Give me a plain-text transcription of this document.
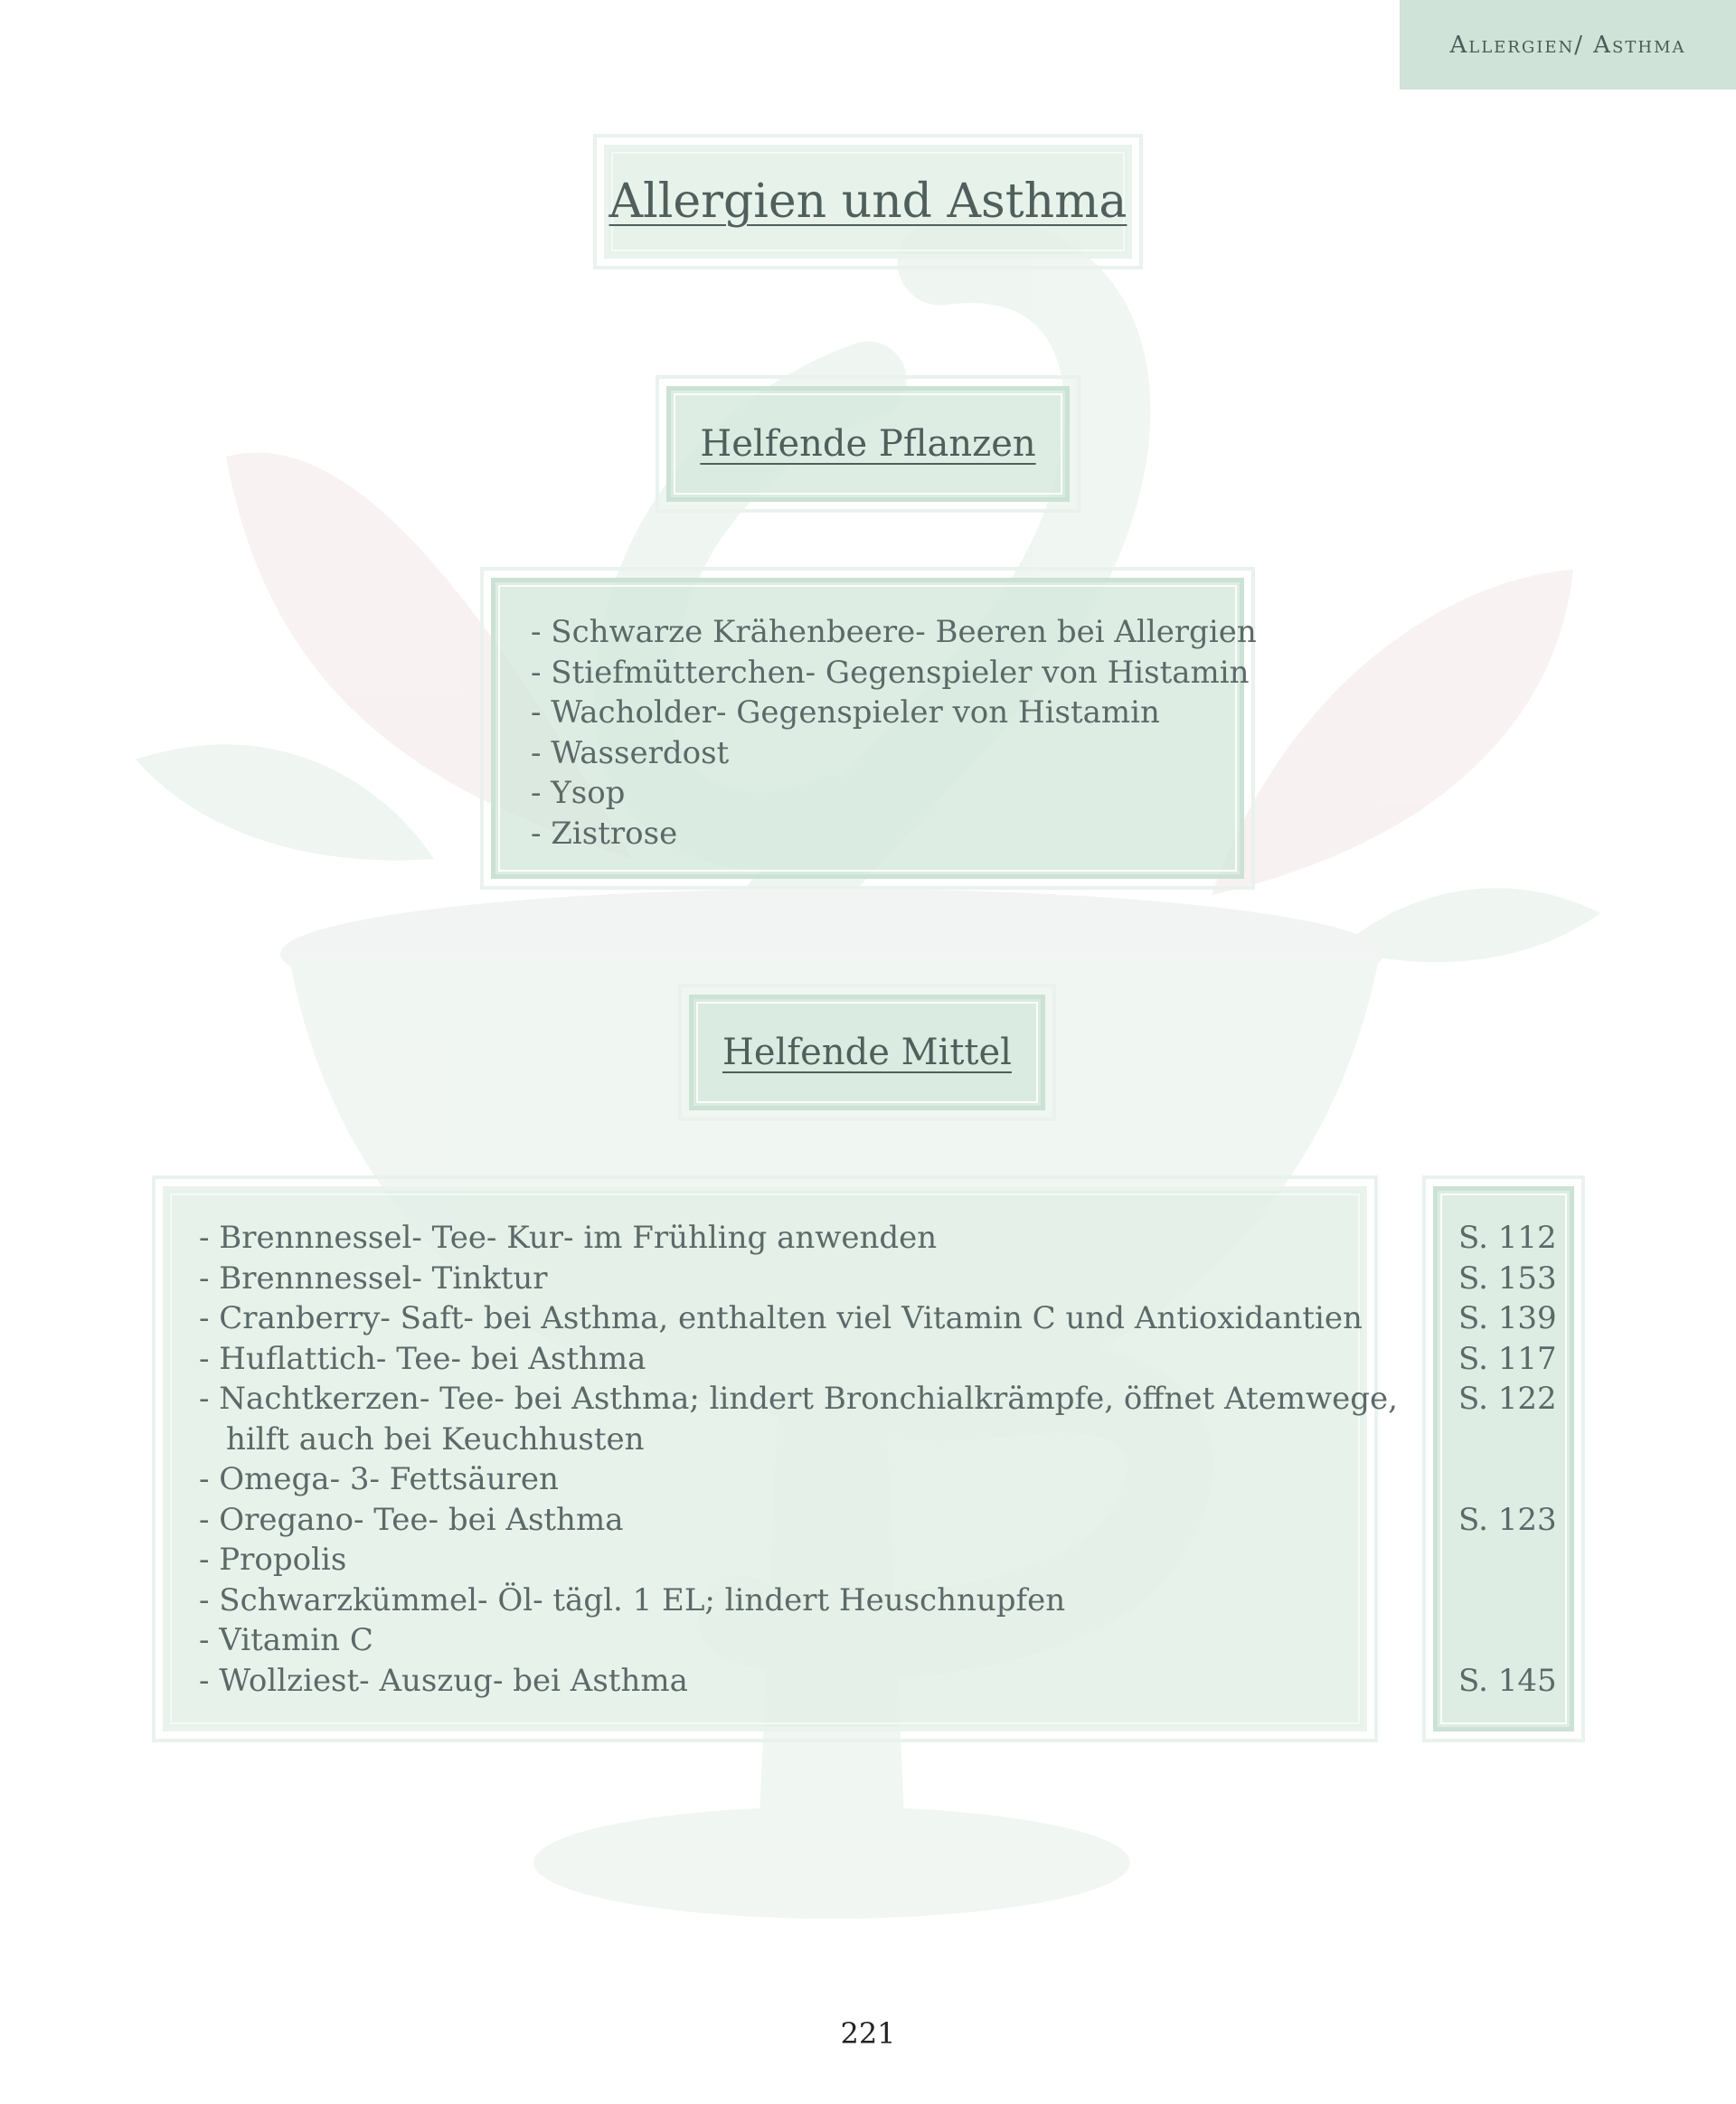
Allergien/ Asthma
Allergien und Asthma
Helfende Pflanzen
- Schwarze Krähenbeere- Beeren bei Allergien
- Stiefmütterchen- Gegenspieler von Histamin
- Wacholder- Gegenspieler von Histamin
- Wasserdost
- Ysop
- Zistrose
Helfende Mittel
- Brennnessel- Tee- Kur- im Frühling anwenden
- Brennnessel- Tinktur
- Cranberry- Saft- bei Asthma, enthalten viel Vitamin C und Antioxidantien
- Huflattich- Tee- bei Asthma
- Nachtkerzen- Tee- bei Asthma; lindert Bronchialkrämpfe, öffnet Atemwege,
hilft auch bei Keuchhusten
- Omega- 3- Fettsäuren
- Oregano- Tee- bei Asthma
- Propolis
- Schwarzkümmel- Öl- tägl. 1 EL; lindert Heuschnupfen
- Vitamin C
- Wollziest- Auszug- bei Asthma
S. 112
S. 153
S. 139
S. 117
S. 122

S. 123

S. 145
221
